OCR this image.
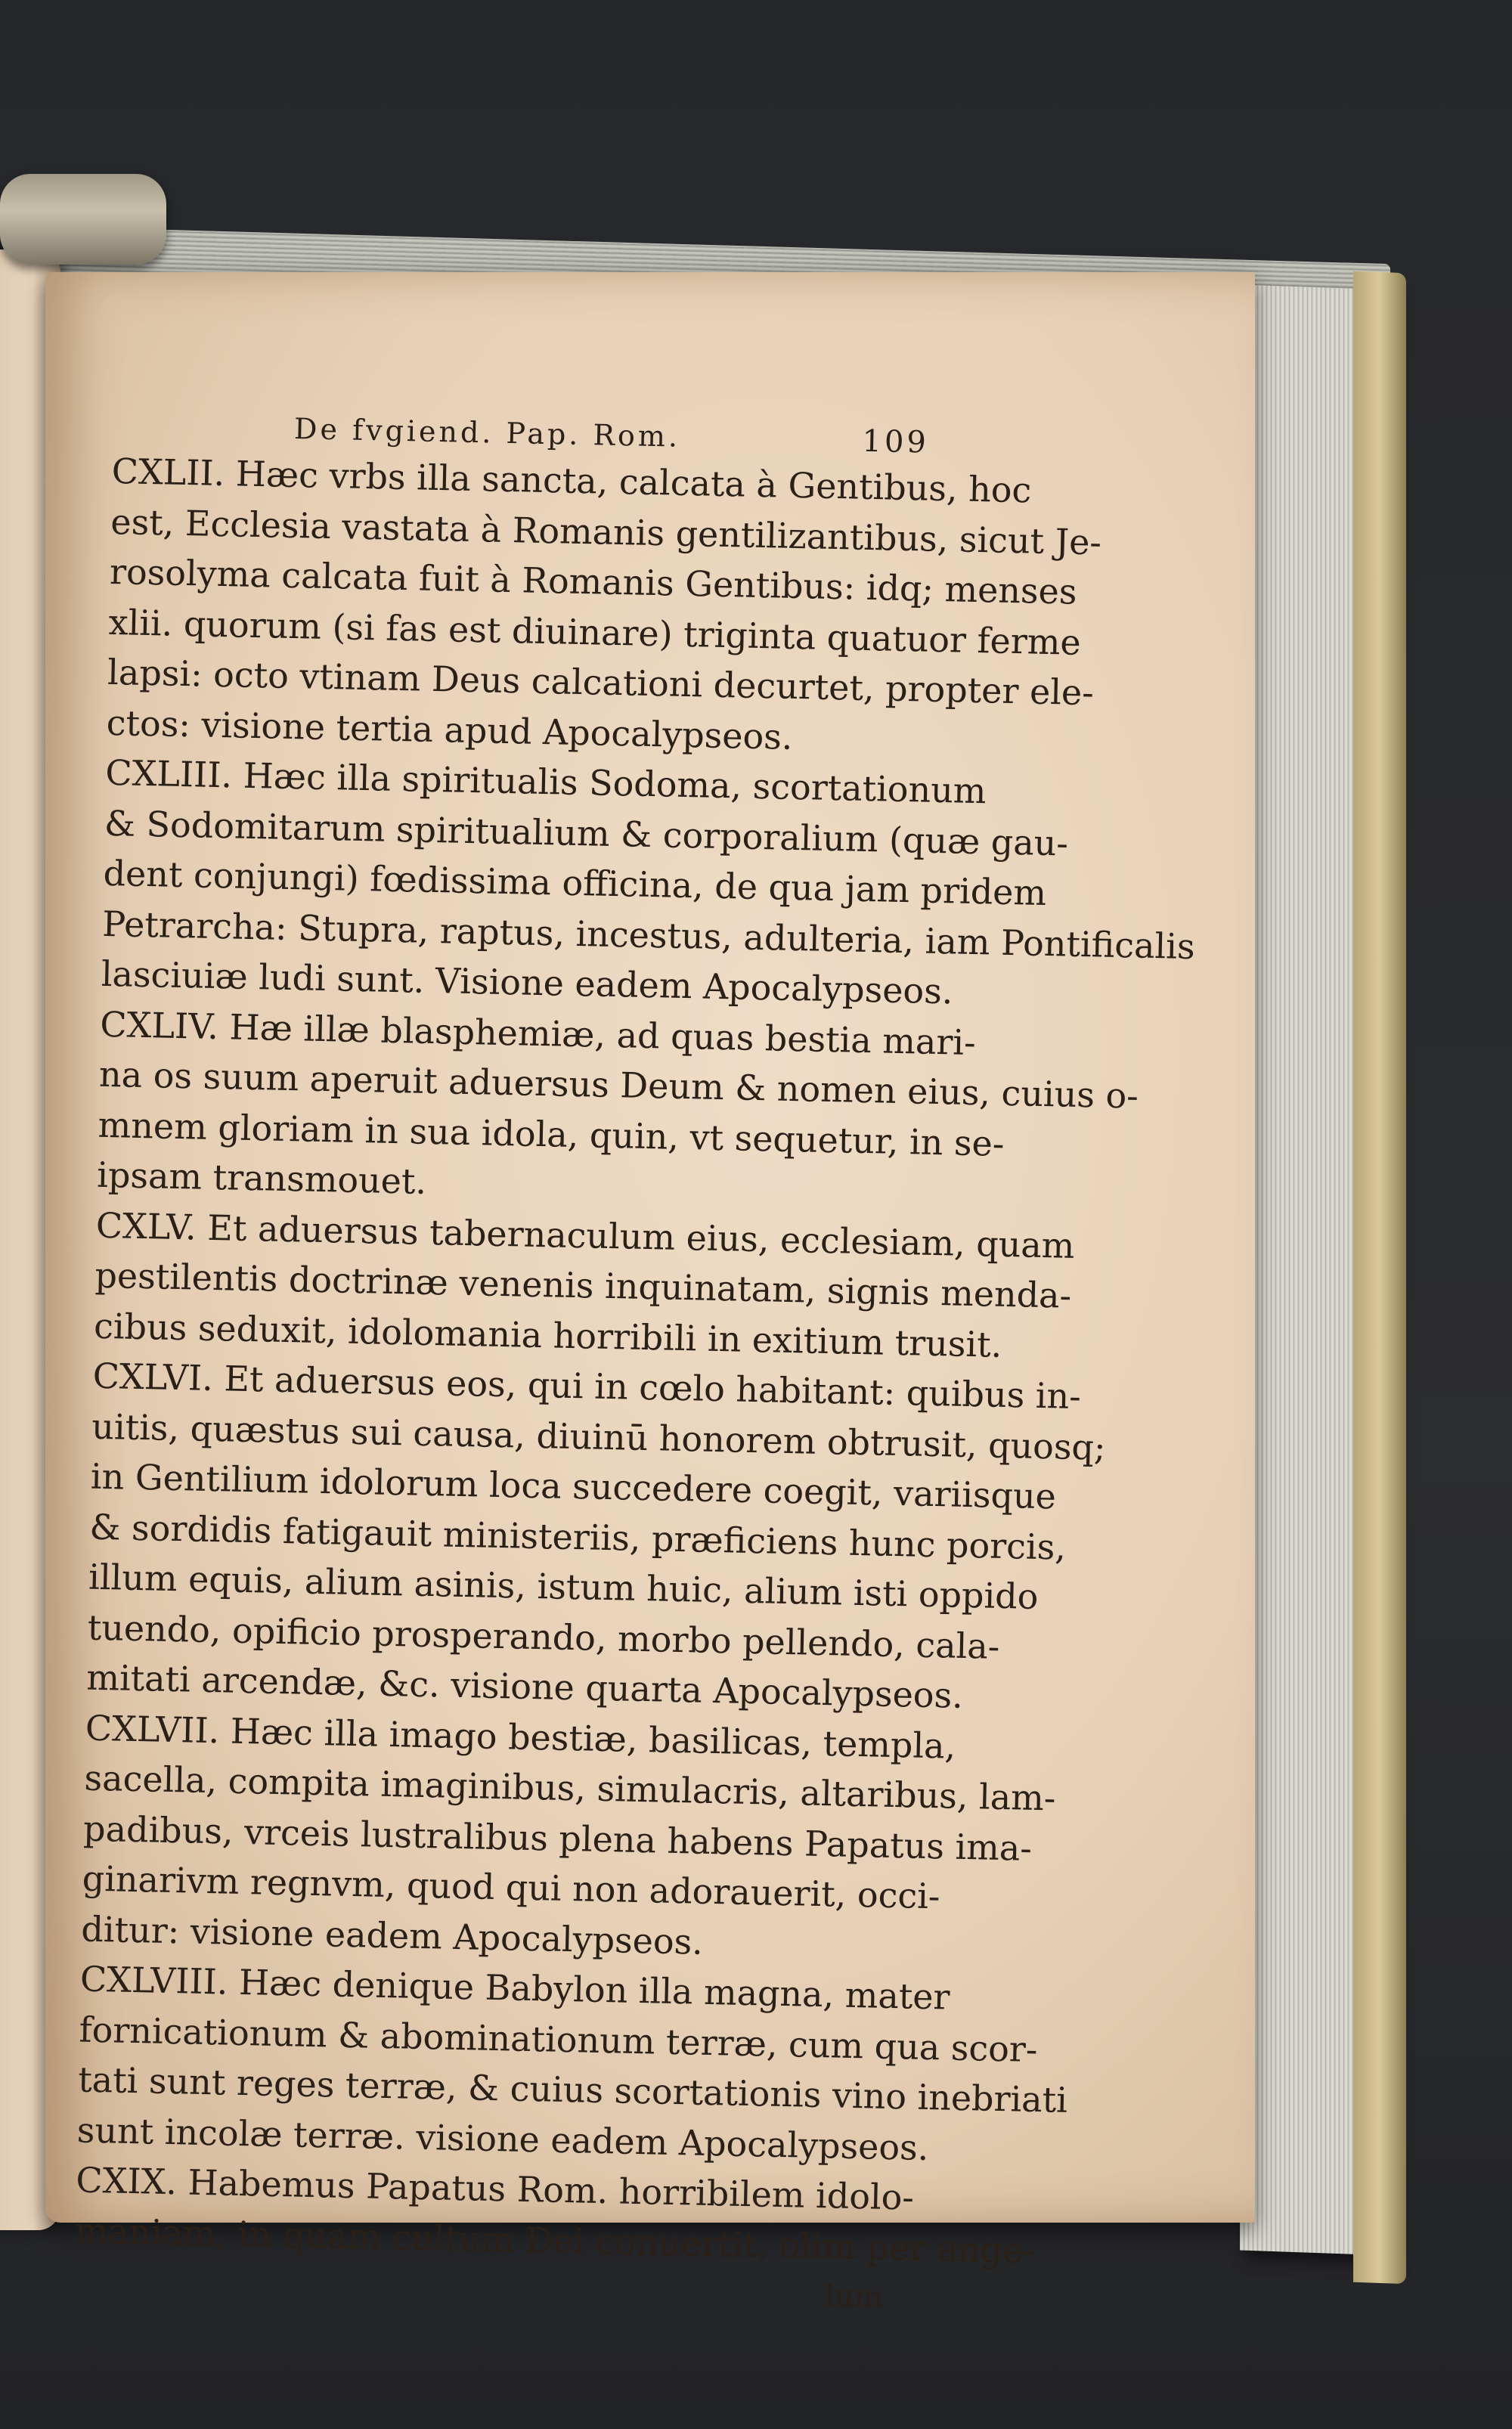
De fvgiend. Pap. Rom.	109
CXLII. Hæc vrbs illa sancta, calcata à Gentibus, hoc
est, Ecclesia vastata à Romanis gentilizantibus, sicut Je-
rosolyma calcata fuit à Romanis Gentibus: idq; menses
xlii. quorum (si fas est diuinare) triginta quatuor ferme
lapsi: octo vtinam Deus calcationi decurtet, propter ele-
ctos: visione tertia apud Apocalypseos.
CXLIII. Hæc illa spiritualis Sodoma, scortationum
& Sodomitarum spiritualium & corporalium (quæ gau-
dent conjungi) fœdissima officina, de qua jam pridem
Petrarcha: Stupra, raptus, incestus, adulteria, iam Pontificalis
lasciuiæ ludi sunt. Visione eadem Apocalypseos.
CXLIV. Hæ illæ blasphemiæ, ad quas bestia mari-
na os suum aperuit aduersus Deum & nomen eius, cuius o-
mnem gloriam in sua idola, quin, vt sequetur, in se-
ipsam transmouet.
CXLV. Et aduersus tabernaculum eius, ecclesiam, quam
pestilentis doctrinæ venenis inquinatam, signis menda-
cibus seduxit, idolomania horribili in exitium trusit.
CXLVI. Et aduersus eos, qui in cœlo habitant: quibus in-
uitis, quæstus sui causa, diuinū honorem obtrusit, quosq;
in Gentilium idolorum loca succedere coegit, variisque
& sordidis fatigauit ministeriis, præficiens hunc porcis,
illum equis, alium asinis, istum huic, alium isti oppido
tuendo, opificio prosperando, morbo pellendo, cala-
mitati arcendæ, &c. visione quarta Apocalypseos.
CXLVII. Hæc illa imago bestiæ, basilicas, templa,
sacella, compita imaginibus, simulacris, altaribus, lam-
padibus, vrceis lustralibus plena habens Papatus ima-
ginarivm regnvm, quod qui non adorauerit, occi-
ditur: visione eadem Apocalypseos.
CXLVIII. Hæc denique Babylon illa magna, mater
fornicationum & abominationum terræ, cum qua scor-
tati sunt reges terræ, & cuius scortationis vino inebriati
sunt incolæ terræ. visione eadem Apocalypseos.
CXIX. Habemus Papatus Rom. horribilem idolo-
maniam, in quam cultum Dei conuertit, olim per ange-
lum
